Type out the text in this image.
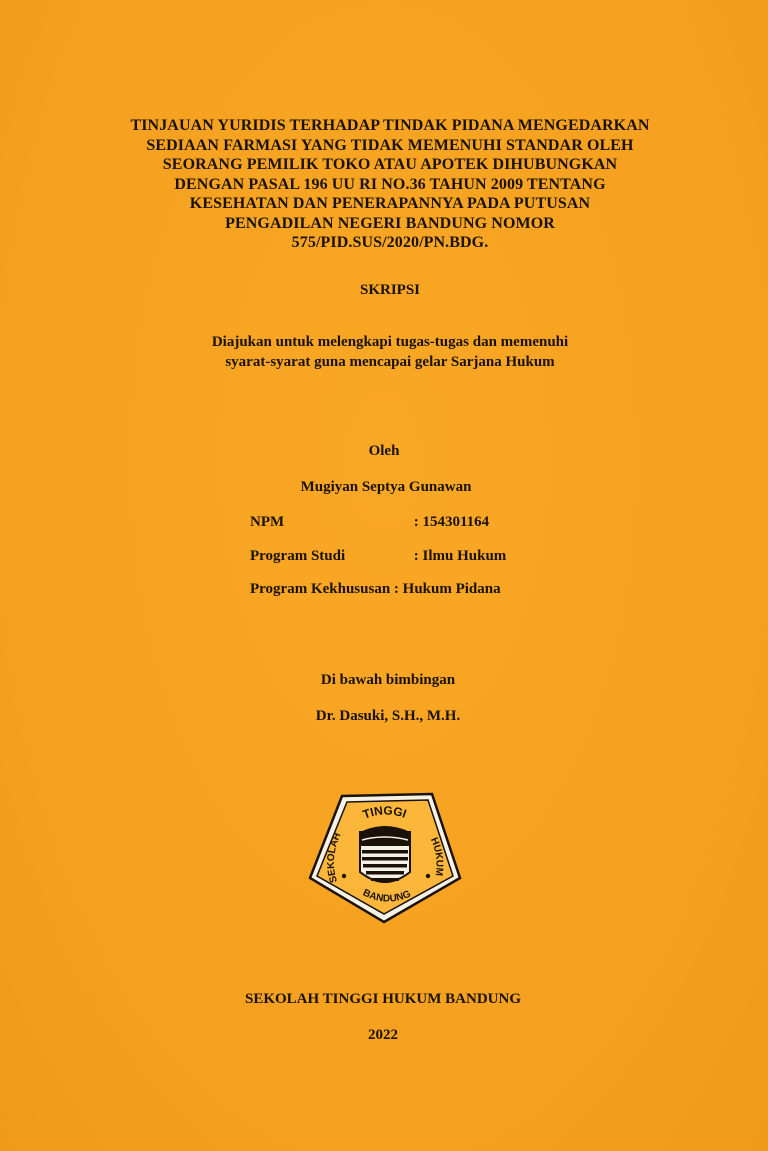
TINJAUAN YURIDIS TERHADAP TINDAK PIDANA MENGEDARKAN
SEDIAAN FARMASI YANG TIDAK MEMENUHI STANDAR OLEH
SEORANG PEMILIK TOKO ATAU APOTEK DIHUBUNGKAN
DENGAN PASAL 196 UU RI NO.36 TAHUN 2009 TENTANG
KESEHATAN DAN PENERAPANNYA PADA PUTUSAN
PENGADILAN NEGERI BANDUNG NOMOR
575/PID.SUS/2020/PN.BDG.
SKRIPSI
Diajukan untuk melengkapi tugas-tugas dan memenuhi
syarat-syarat guna mencapai gelar Sarjana Hukum
Oleh
Mugiyan Septya Gunawan
NPM	: 154301164
Program Studi	: Ilmu Hukum
Program Kekhususan : Hukum Pidana
Di bawah bimbingan
Dr. Dasuki, S.H., M.H.
TINGGI
SEKOLAH	HUKUM
BANDUNG
SEKOLAH TINGGI HUKUM BANDUNG
2022
